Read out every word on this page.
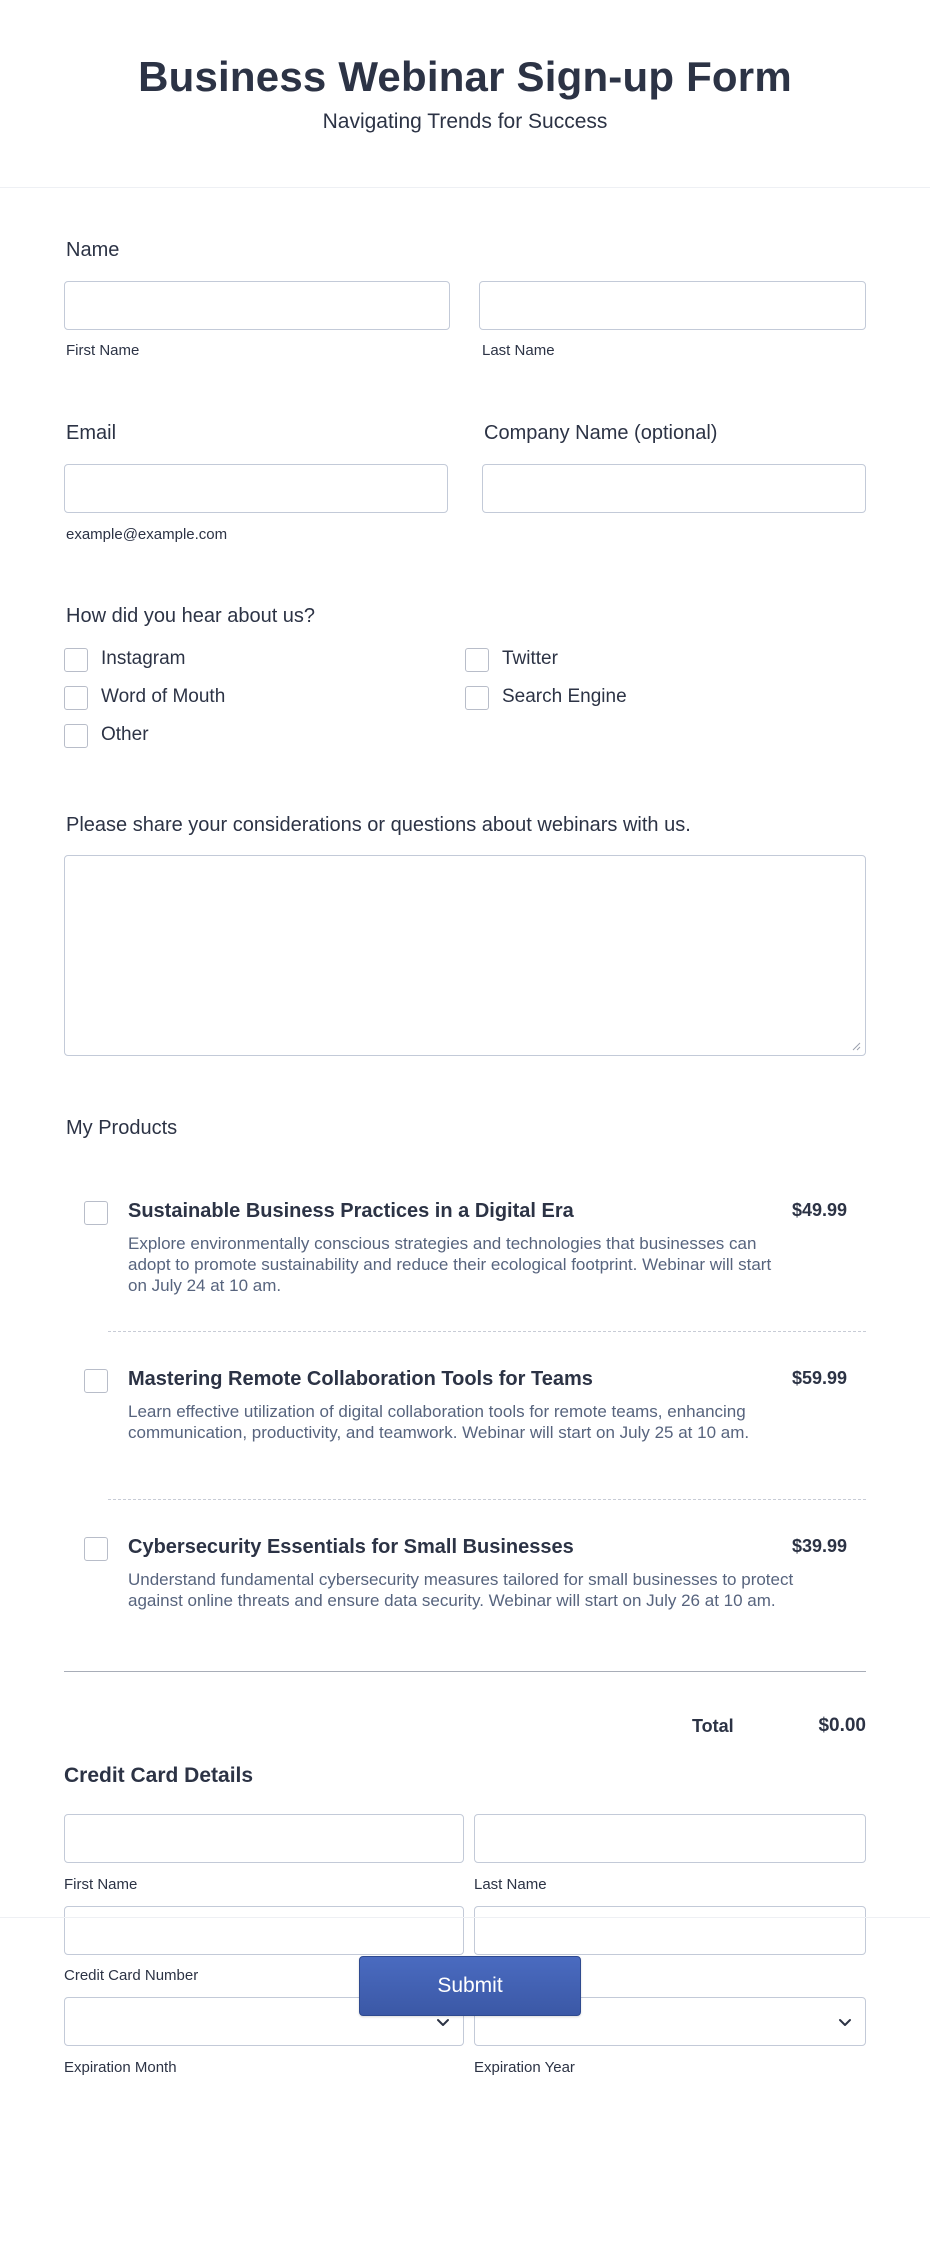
Business Webinar Sign-up Form
Navigating Trends for Success
Name
First Name	Last Name
Email
example@example.com
Company Name (optional)
How did you hear about us?
Instagram	Twitter
Word of Mouth	Search Engine
Other
Please share your considerations or questions about webinars with us.
My Products
Sustainable Business Practices in a Digital Era	$49.99
Explore environmentally conscious strategies and technologies that businesses can adopt to promote sustainability and reduce their ecological footprint. Webinar will start on July 24 at 10 am.
Mastering Remote Collaboration Tools for Teams	$59.99
Learn effective utilization of digital collaboration tools for remote teams, enhancing communication, productivity, and teamwork. Webinar will start on July 25 at 10 am.
Cybersecurity Essentials for Small Businesses	$39.99
Understand fundamental cybersecurity measures tailored for small businesses to protect against online threats and ensure data security. Webinar will start on July 26 at 10 am.
Total	$0.00
Credit Card Details
First Name	Last Name
Credit Card Number
Expiration Month	Expiration Year
Submit
